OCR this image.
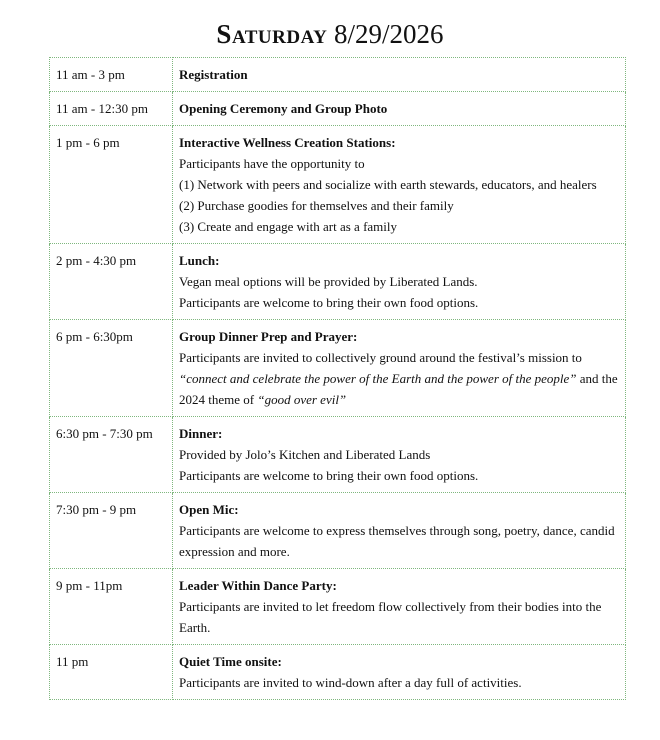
Saturday 8/29/2026
11 am - 3 pm	Registration

11 am - 12:30 pm	Opening Ceremony and Group Photo

1 pm - 6 pm	Interactive Wellness Creation Stations:
Participants have the opportunity to
(1) Network with peers and socialize with earth stewards, educators, and healers
(2) Purchase goodies for themselves and their family
(3) Create and engage with art as a family

2 pm - 4:30 pm	Lunch:
Vegan meal options will be provided by Liberated Lands.
Participants are welcome to bring their own food options.

6 pm - 6:30pm	Group Dinner Prep and Prayer:
Participants are invited to collectively ground around the festival’s mission to
“connect and celebrate the power of the Earth and the power of the people” and the 2024 theme of “good over evil”
6:30 pm - 7:30 pm	Dinner:
Provided by Jolo’s Kitchen and Liberated Lands
Participants are welcome to bring their own food options.

7:30 pm - 9 pm	Open Mic:
Participants are welcome to express themselves through song, poetry, dance, candid expression and more.

9 pm - 11pm	Leader Within Dance Party:
Participants are invited to let freedom flow collectively from their bodies into the Earth.

11 pm	Quiet Time onsite:
Participants are invited to wind-down after a day full of activities.
